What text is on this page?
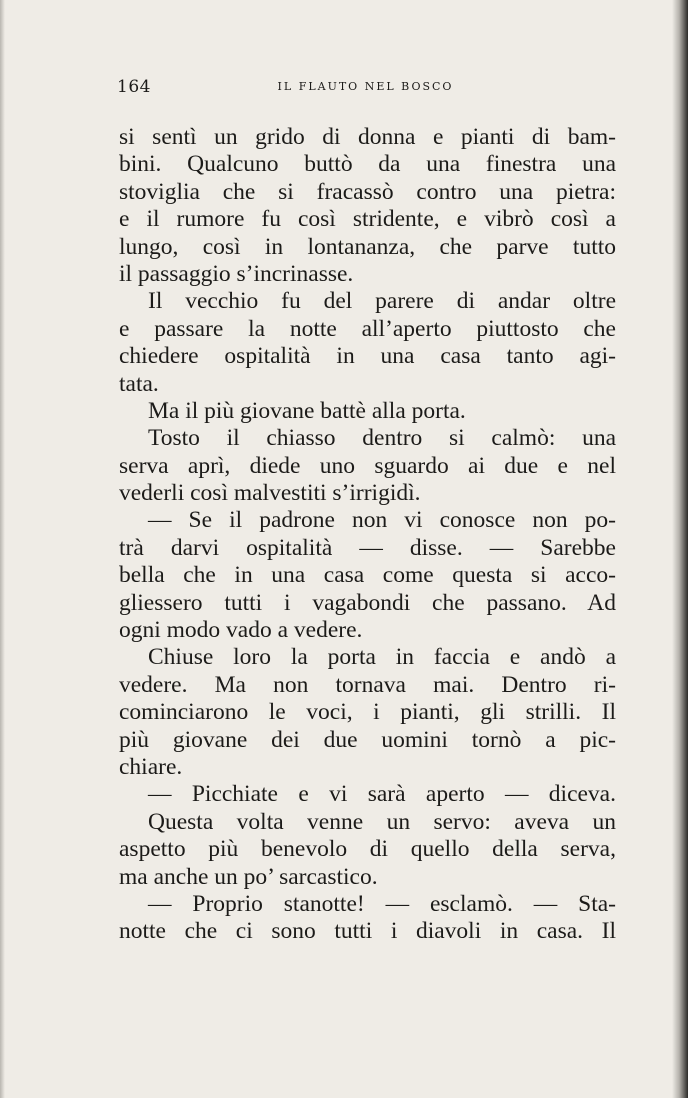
164	IL FLAUTO NEL BOSCO
si sentì un grido di donna e pianti di bam-
bini. Qualcuno buttò da una finestra una
stoviglia che si fracassò contro una pietra:
e il rumore fu così stridente, e vibrò così a
lungo, così in lontananza, che parve tutto
il passaggio s’incrinasse.
Il vecchio fu del parere di andar oltre
e passare la notte all’aperto piuttosto che
chiedere ospitalità in una casa tanto agi-
tata.
Ma il più giovane battè alla porta.
Tosto il chiasso dentro si calmò: una
serva aprì, diede uno sguardo ai due e nel
vederli così malvestiti s’irrigidì.
— Se il padrone non vi conosce non po-
trà darvi ospitalità — disse. — Sarebbe
bella che in una casa come questa si acco-
gliessero tutti i vagabondi che passano. Ad
ogni modo vado a vedere.
Chiuse loro la porta in faccia e andò a
vedere. Ma non tornava mai. Dentro ri-
cominciarono le voci, i pianti, gli strilli. Il
più giovane dei due uomini tornò a pic-
chiare.
— Picchiate e vi sarà aperto — diceva.
Questa volta venne un servo: aveva un
aspetto più benevolo di quello della serva,
ma anche un po’ sarcastico.
— Proprio stanotte! — esclamò. — Sta-
notte che ci sono tutti i diavoli in casa. Il
